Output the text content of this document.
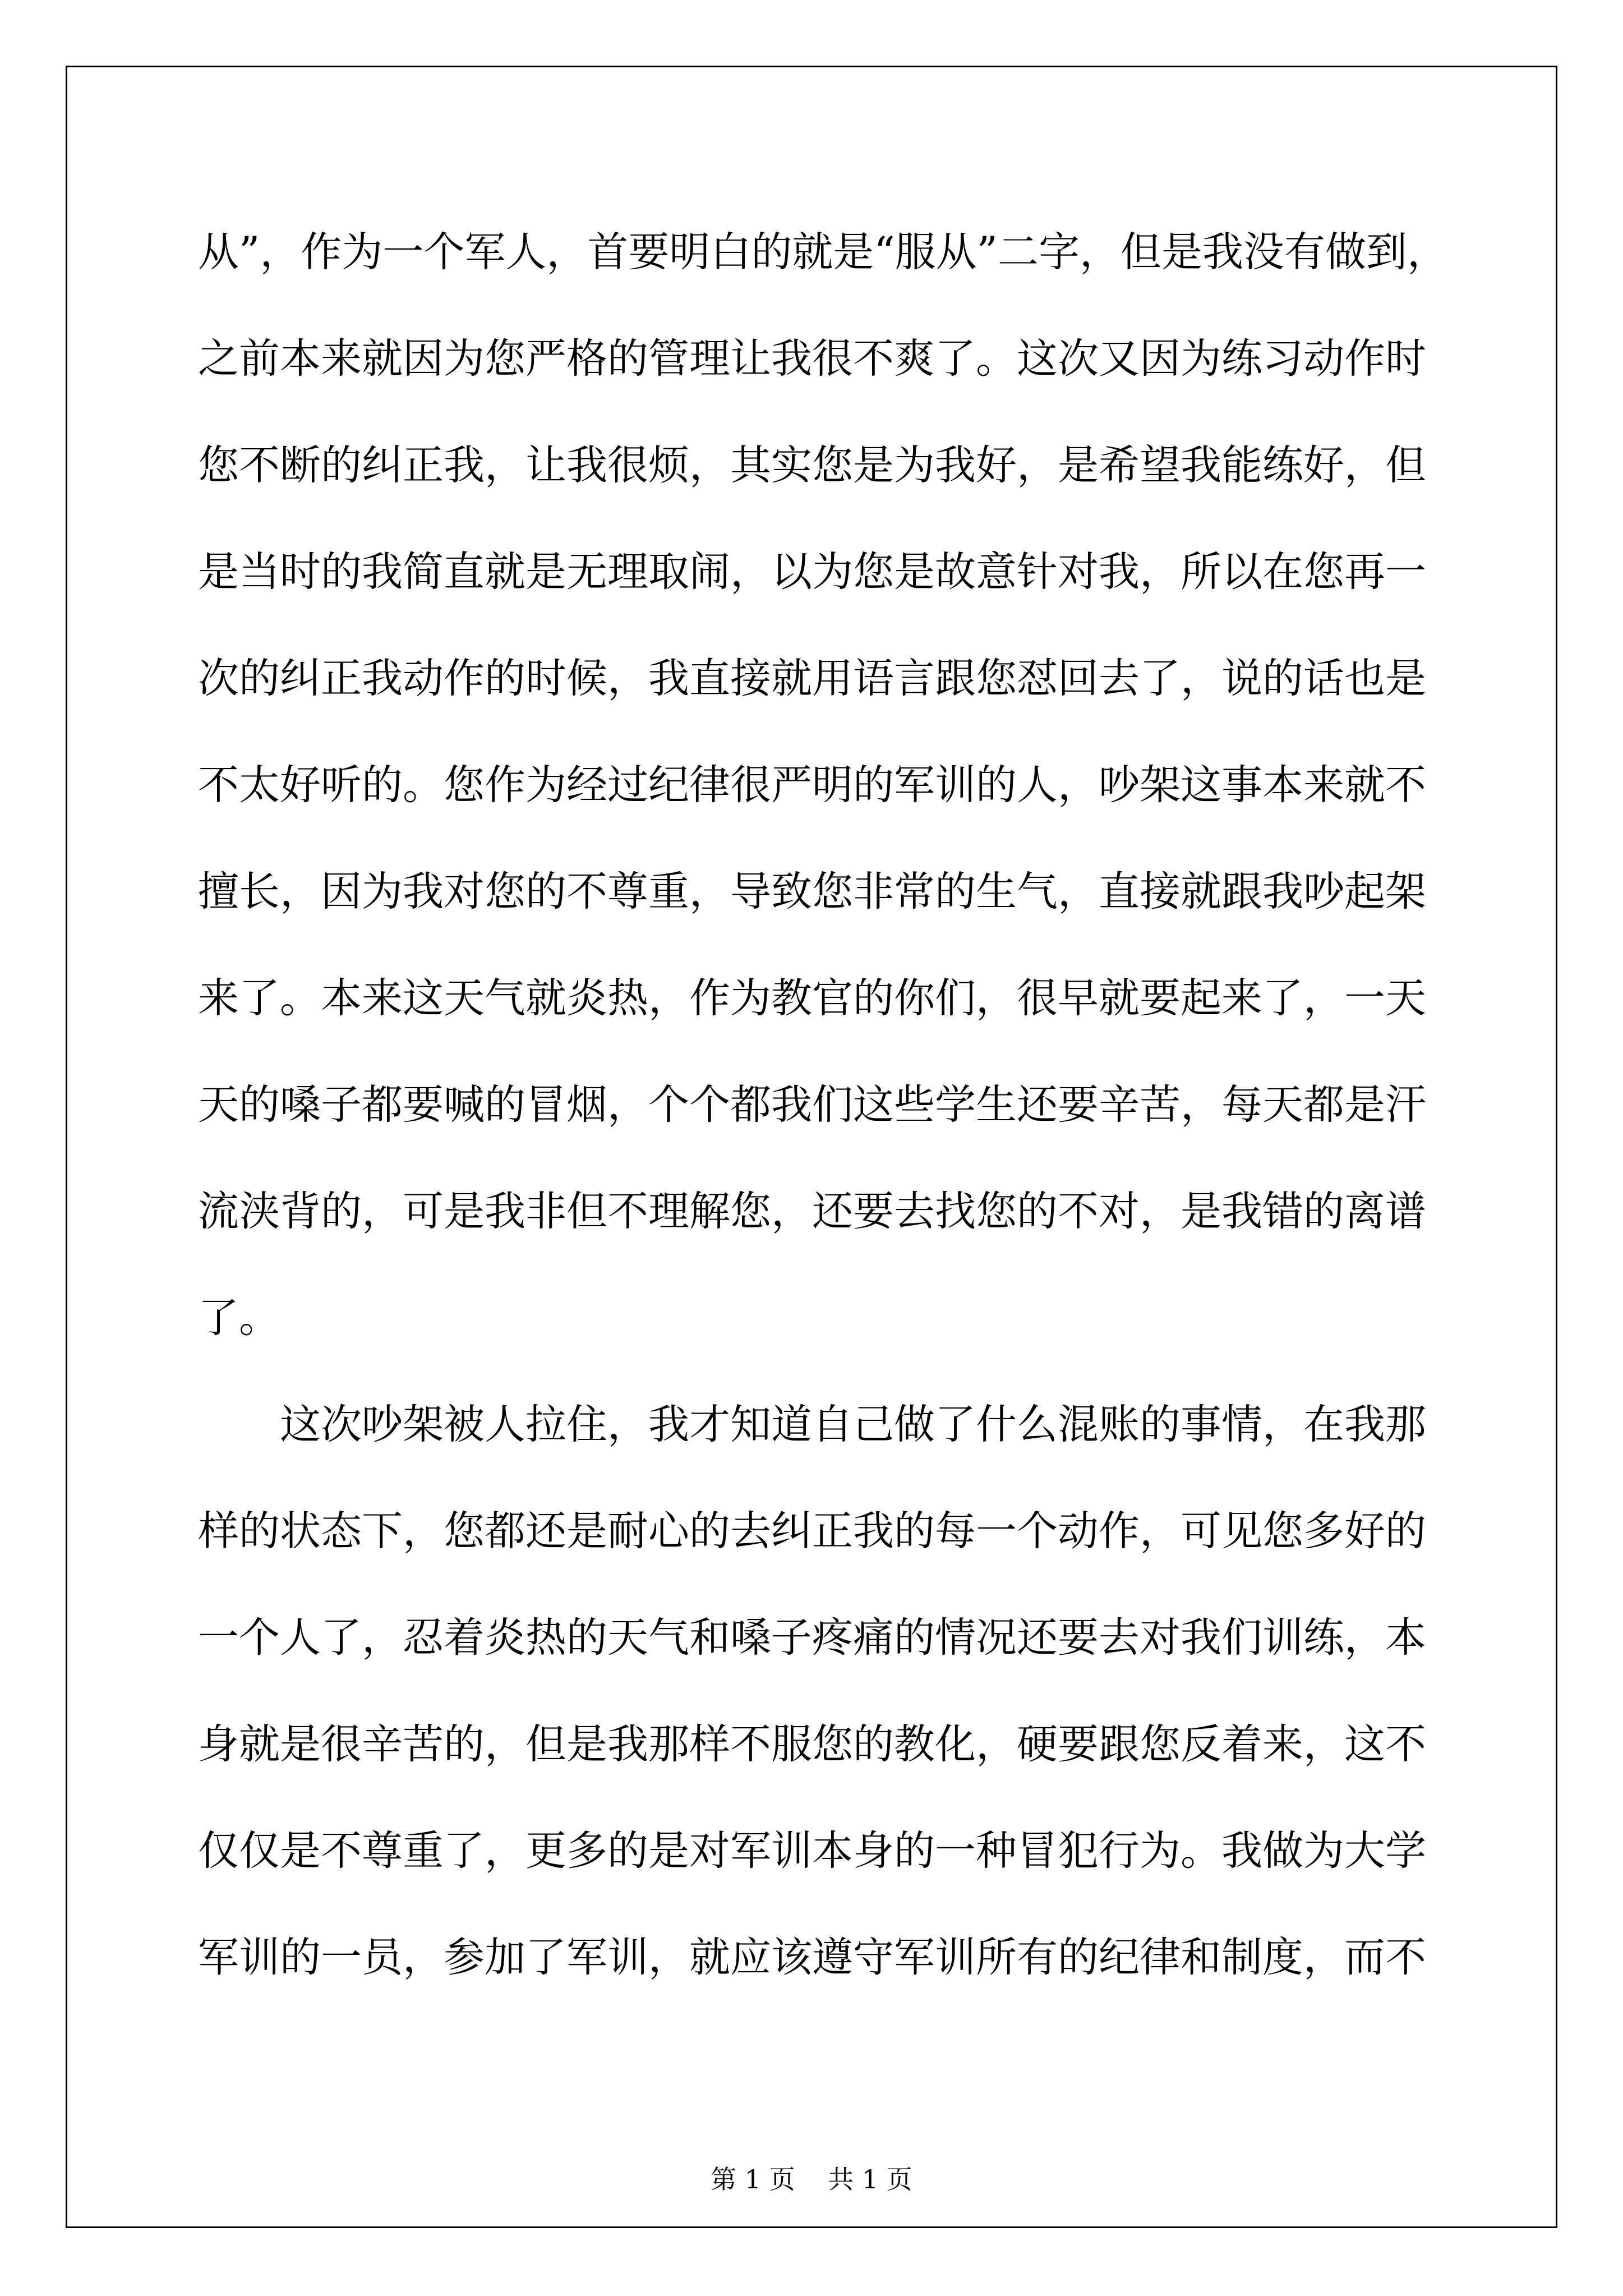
从”，作为一个军人，首要明白的就是“服从”二字，但是我没有做到，
之前本来就因为您严格的管理让我很不爽了。这次又因为练习动作时
您不断的纠正我，让我很烦，其实您是为我好，是希望我能练好，但
是当时的我简直就是无理取闹，以为您是故意针对我，所以在您再一
次的纠正我动作的时候，我直接就用语言跟您怼回去了，说的话也是
不太好听的。您作为经过纪律很严明的军训的人，吵架这事本来就不
擅长，因为我对您的不尊重，导致您非常的生气，直接就跟我吵起架
来了。本来这天气就炎热，作为教官的你们，很早就要起来了，一天
天的嗓子都要喊的冒烟，个个都我们这些学生还要辛苦，每天都是汗
流浃背的，可是我非但不理解您，还要去找您的不对，是我错的离谱
了。
这次吵架被人拉住，我才知道自己做了什么混账的事情，在我那
样的状态下，您都还是耐心的去纠正我的每一个动作，可见您多好的
一个人了，忍着炎热的天气和嗓子疼痛的情况还要去对我们训练，本
身就是很辛苦的，但是我那样不服您的教化，硬要跟您反着来，这不
仅仅是不尊重了，更多的是对军训本身的一种冒犯行为。我做为大学
军训的一员，参加了军训，就应该遵守军训所有的纪律和制度，而不
第 1 页    共 1 页
